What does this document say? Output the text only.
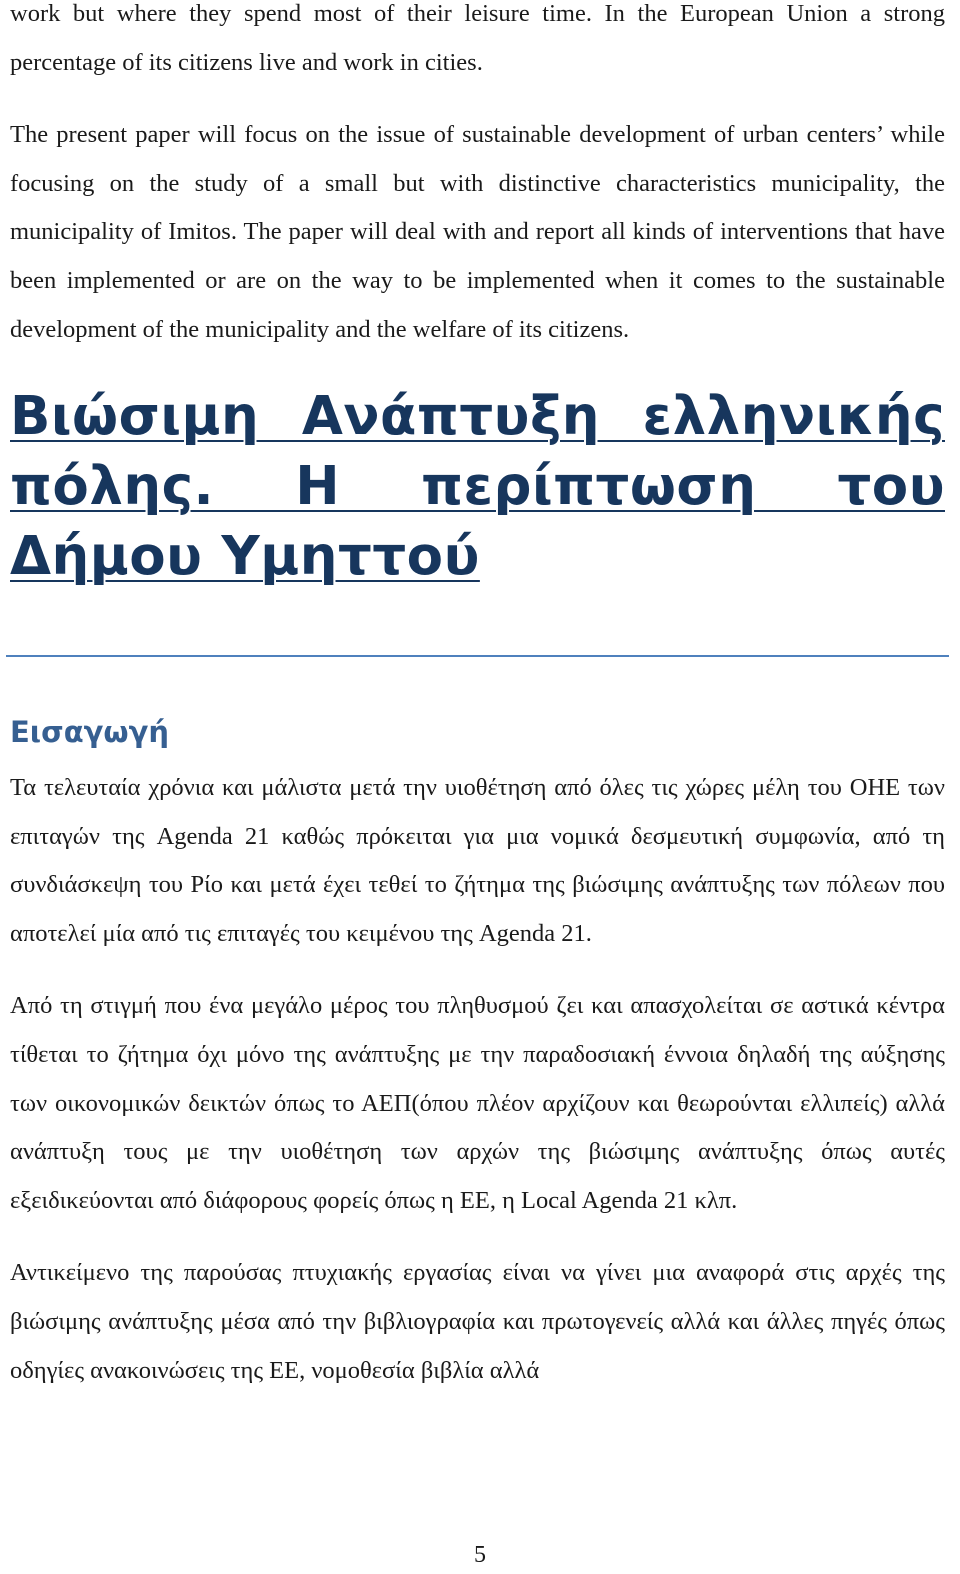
work but where they spend most of their leisure time. In the European Union a strong percentage of its citizens live and work in cities.

The present paper will focus on the issue of sustainable development of urban centers’ while focusing on the study of a small but with distinctive characteristics municipality, the municipality of Imitos. The paper will deal with and report all kinds of interventions that have been implemented or are on the way to be implemented when it comes to the sustainable development of the municipality and the welfare of its citizens.

Βιώσιμη Ανάπτυξη ελληνικής πόλης. Η περίπτωση του Δήμου Υμηττού
Εισαγωγή

Τα τελευταία χρόνια και μάλιστα μετά την υιοθέτηση από όλες τις χώρες μέλη του ΟΗΕ των επιταγών της Agenda 21 καθώς πρόκειται για μια νομικά δεσμευτική συμφωνία, από τη συνδιάσκεψη του Ρίο και μετά έχει τεθεί το ζήτημα της βιώσιμης ανάπτυξης των πόλεων που αποτελεί μία από τις επιταγές του κειμένου της Agenda 21.

Από τη στιγμή που ένα μεγάλο μέρος του πληθυσμού ζει και απασχολείται σε αστικά κέντρα τίθεται το ζήτημα όχι μόνο της ανάπτυξης με την παραδοσιακή έννοια δηλαδή της αύξησης των οικονομικών δεικτών όπως το ΑΕΠ(όπου πλέον αρχίζουν και θεωρούνται ελλιπείς) αλλά ανάπτυξη τους με την υιοθέτηση των αρχών της βιώσιμης ανάπτυξης όπως αυτές εξειδικεύονται από διάφορους φορείς όπως η ΕΕ, η Local Agenda 21 κλπ.

Αντικείμενο της παρούσας πτυχιακής εργασίας είναι να γίνει μια αναφορά στις αρχές της βιώσιμης ανάπτυξης μέσα από την βιβλιογραφία και πρωτογενείς αλλά και άλλες πηγές όπως οδηγίες ανακοινώσεις της ΕΕ, νομοθεσία βιβλία αλλά

5
